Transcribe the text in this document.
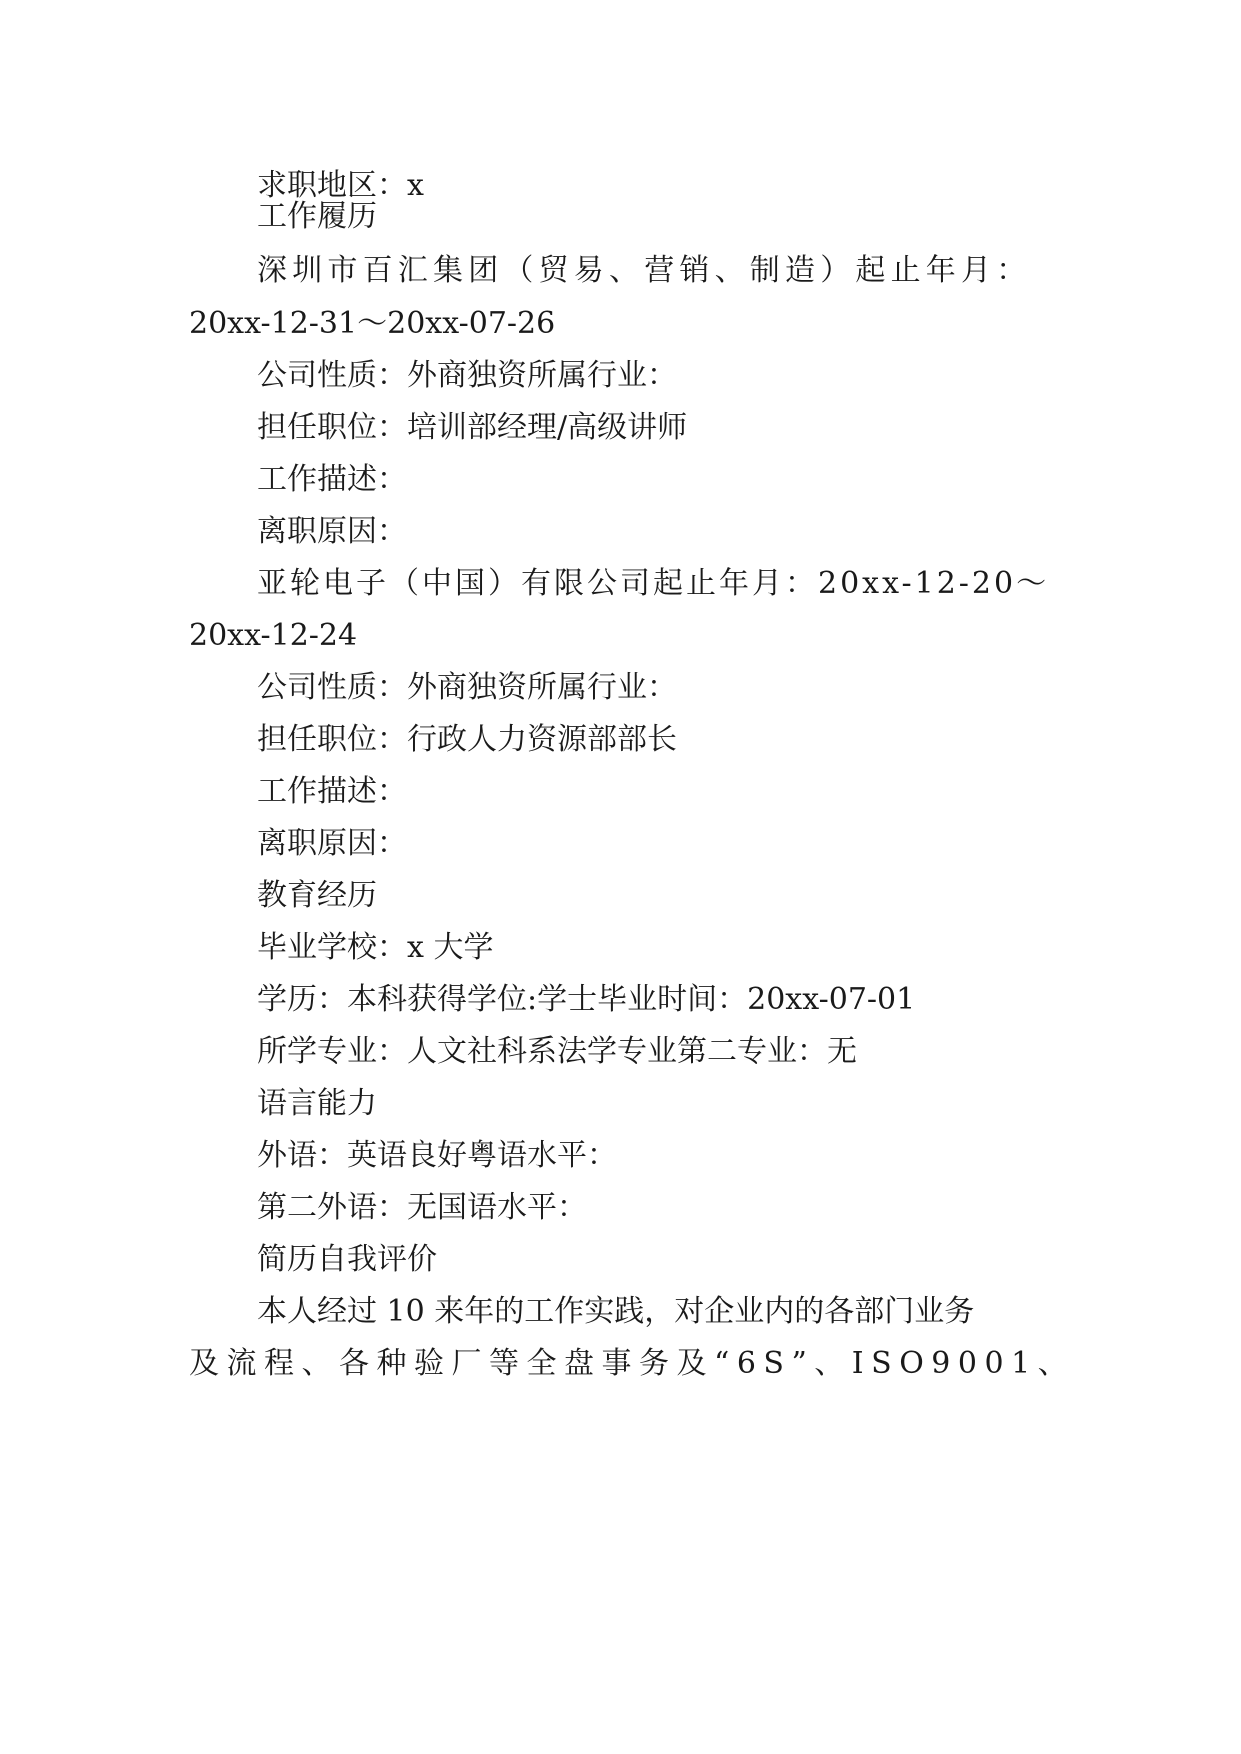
求职地区：x
工作履历
深圳市百汇集团（贸易、营销、制造）起止年月：
20xx-12-31～20xx-07-26
公司性质：外商独资所属行业：
担任职位：培训部经理/高级讲师
工作描述：
离职原因：
亚轮电子（中国）有限公司起止年月：20xx-12-20～
20xx-12-24
公司性质：外商独资所属行业：
担任职位：行政人力资源部部长
工作描述：
离职原因：
教育经历
毕业学校：x 大学
学历：本科获得学位:学士毕业时间：20xx-07-01
所学专业：人文社科系法学专业第二专业：无
语言能力
外语：英语良好粤语水平：
第二外语：无国语水平：
简历自我评价
本人经过 10 来年的工作实践，对企业内的各部门业务
及流程、各种验厂等全盘事务及“6S”、ISO9001、
